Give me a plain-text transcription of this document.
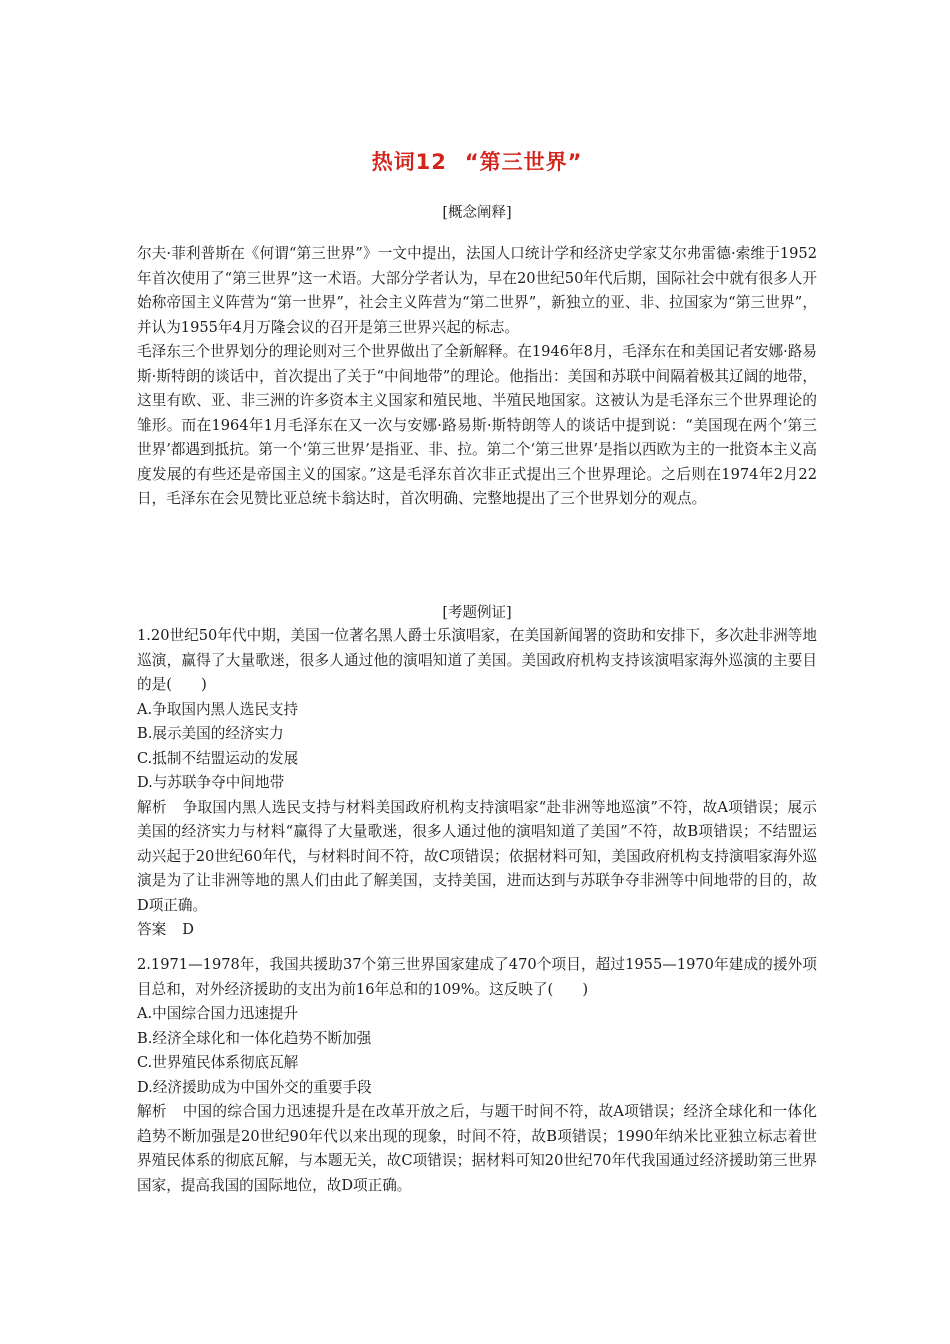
热词12 “第三世界”
[概念阐释]

尔夫·菲利普斯在《何谓“第三世界”》一文中提出，法国人口统计学和经济史学家艾尔弗雷德·索维于1952年首次使用了“第三世界”这一术语。大部分学者认为，早在20世纪50年代后期，国际社会中就有很多人开始称帝国主义阵营为“第一世界”，社会主义阵营为“第二世界”，新独立的亚、非、拉国家为“第三世界”，并认为1955年4月万隆会议的召开是第三世界兴起的标志。

毛泽东三个世界划分的理论则对三个世界做出了全新解释。在1946年8月，毛泽东在和美国记者安娜·路易斯·斯特朗的谈话中，首次提出了关于“中间地带”的理论。他指出：美国和苏联中间隔着极其辽阔的地带，这里有欧、亚、非三洲的许多资本主义国家和殖民地、半殖民地国家。这被认为是毛泽东三个世界理论的雏形。而在1964年1月毛泽东在又一次与安娜·路易斯·斯特朗等人的谈话中提到说：“美国现在两个‘第三世界’都遇到抵抗。第一个‘第三世界’是指亚、非、拉。第二个‘第三世界’是指以西欧为主的一批资本主义高度发展的有些还是帝国主义的国家。”这是毛泽东首次非正式提出三个世界理论。之后则在1974年2月22日，毛泽东在会见赞比亚总统卡翁达时，首次明确、完整地提出了三个世界划分的观点。

[考题例证]

1.20世纪50年代中期，美国一位著名黑人爵士乐演唱家，在美国新闻署的资助和安排下，多次赴非洲等地巡演，赢得了大量歌迷，很多人通过他的演唱知道了美国。美国政府机构支持该演唱家海外巡演的主要目的是(　　)

A.争取国内黑人选民支持
B.展示美国的经济实力
C.抵制不结盟运动的发展
D.与苏联争夺中间地带

解析 争取国内黑人选民支持与材料美国政府机构支持演唱家“赴非洲等地巡演”不符，故A项错误；展示美国的经济实力与材料“赢得了大量歌迷，很多人通过他的演唱知道了美国”不符，故B项错误；不结盟运动兴起于20世纪60年代，与材料时间不符，故C项错误；依据材料可知，美国政府机构支持演唱家海外巡演是为了让非洲等地的黑人们由此了解美国，支持美国，进而达到与苏联争夺非洲等中间地带的目的，故D项正确。

答案 D

2.1971—1978年，我国共援助37个第三世界国家建成了470个项目，超过1955—1970年建成的援外项目总和，对外经济援助的支出为前16年总和的109%。这反映了(　　)

A.中国综合国力迅速提升
B.经济全球化和一体化趋势不断加强
C.世界殖民体系彻底瓦解
D.经济援助成为中国外交的重要手段

解析 中国的综合国力迅速提升是在改革开放之后，与题干时间不符，故A项错误；经济全球化和一体化趋势不断加强是20世纪90年代以来出现的现象，时间不符，故B项错误；1990年纳米比亚独立标志着世界殖民体系的彻底瓦解，与本题无关，故C项错误；据材料可知20世纪70年代我国通过经济援助第三世界国家，提高我国的国际地位，故D项正确。
